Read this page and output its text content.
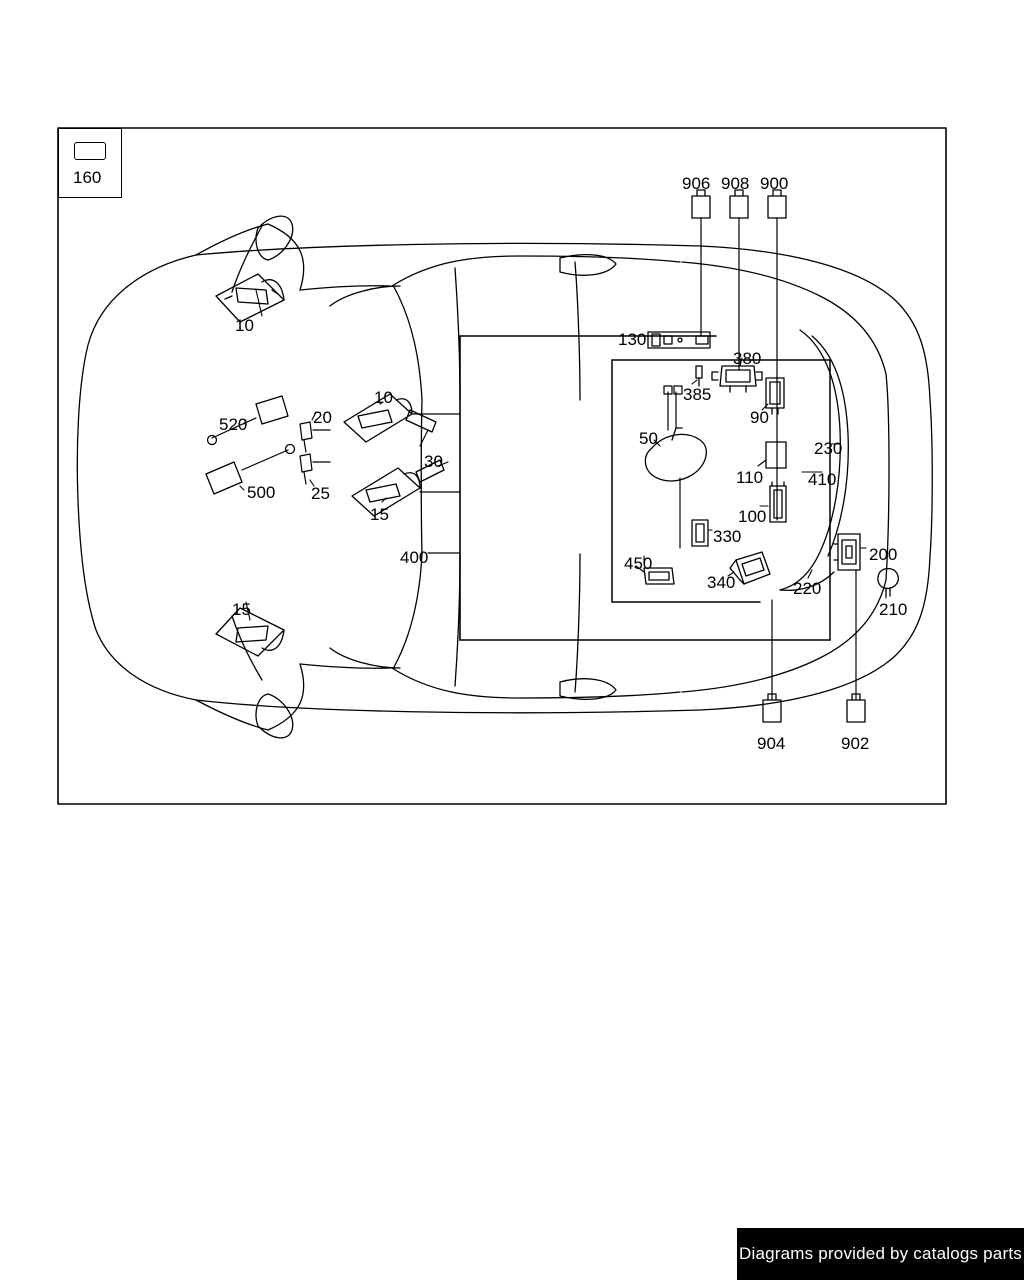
160	906 908 900
130
380
385
90
230
10
520	20
10
30
500 25
15
50
110	410
100
330
200
400	450
340	220
210
15
904	902
Diagrams provided by catalogs parts
